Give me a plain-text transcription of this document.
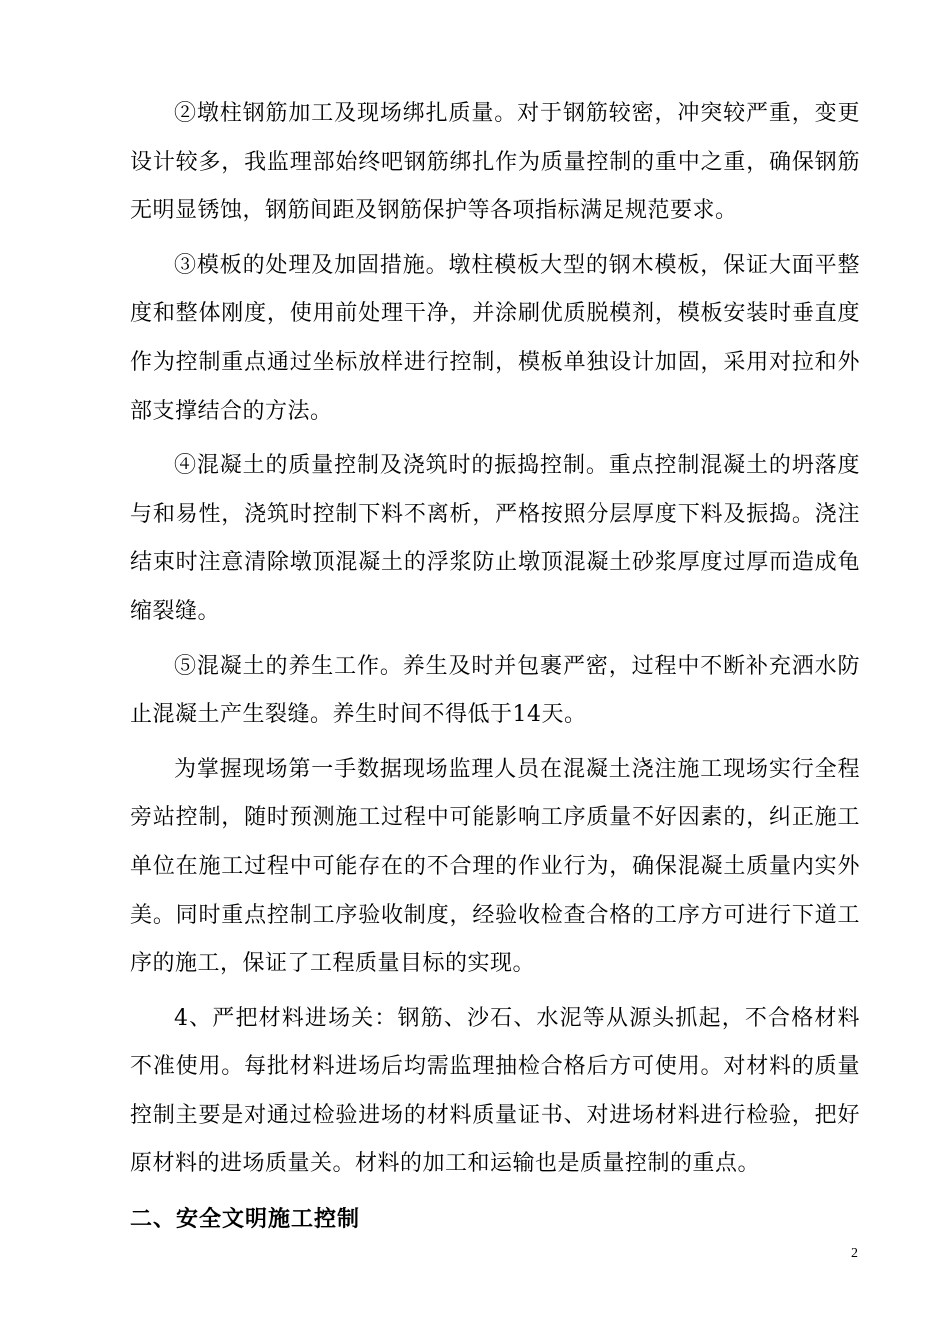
②墩柱钢筋加工及现场绑扎质量。对于钢筋较密，冲突较严重，变更设计较多，我监理部始终吧钢筋绑扎作为质量控制的重中之重，确保钢筋无明显锈蚀，钢筋间距及钢筋保护等各项指标满足规范要求。

③模板的处理及加固措施。墩柱模板大型的钢木模板，保证大面平整度和整体刚度，使用前处理干净，并涂刷优质脱模剂，模板安装时垂直度作为控制重点通过坐标放样进行控制，模板单独设计加固，采用对拉和外部支撑结合的方法。

④混凝土的质量控制及浇筑时的振捣控制。重点控制混凝土的坍落度与和易性，浇筑时控制下料不离析，严格按照分层厚度下料及振捣。浇注结束时注意清除墩顶混凝土的浮浆防止墩顶混凝土砂浆厚度过厚而造成龟缩裂缝。

⑤混凝土的养生工作。养生及时并包裹严密，过程中不断补充洒水防止混凝土产生裂缝。养生时间不得低于14天。

为掌握现场第一手数据现场监理人员在混凝土浇注施工现场实行全程旁站控制，随时预测施工过程中可能影响工序质量不好因素的，纠正施工单位在施工过程中可能存在的不合理的作业行为，确保混凝土质量内实外美。同时重点控制工序验收制度，经验收检查合格的工序方可进行下道工序的施工，保证了工程质量目标的实现。

4、严把材料进场关：钢筋、沙石、水泥等从源头抓起，不合格材料不准使用。每批材料进场后均需监理抽检合格后方可使用。对材料的质量控制主要是对通过检验进场的材料质量证书、对进场材料进行检验，把好原材料的进场质量关。材料的加工和运输也是质量控制的重点。

二、安全文明施工控制
2
